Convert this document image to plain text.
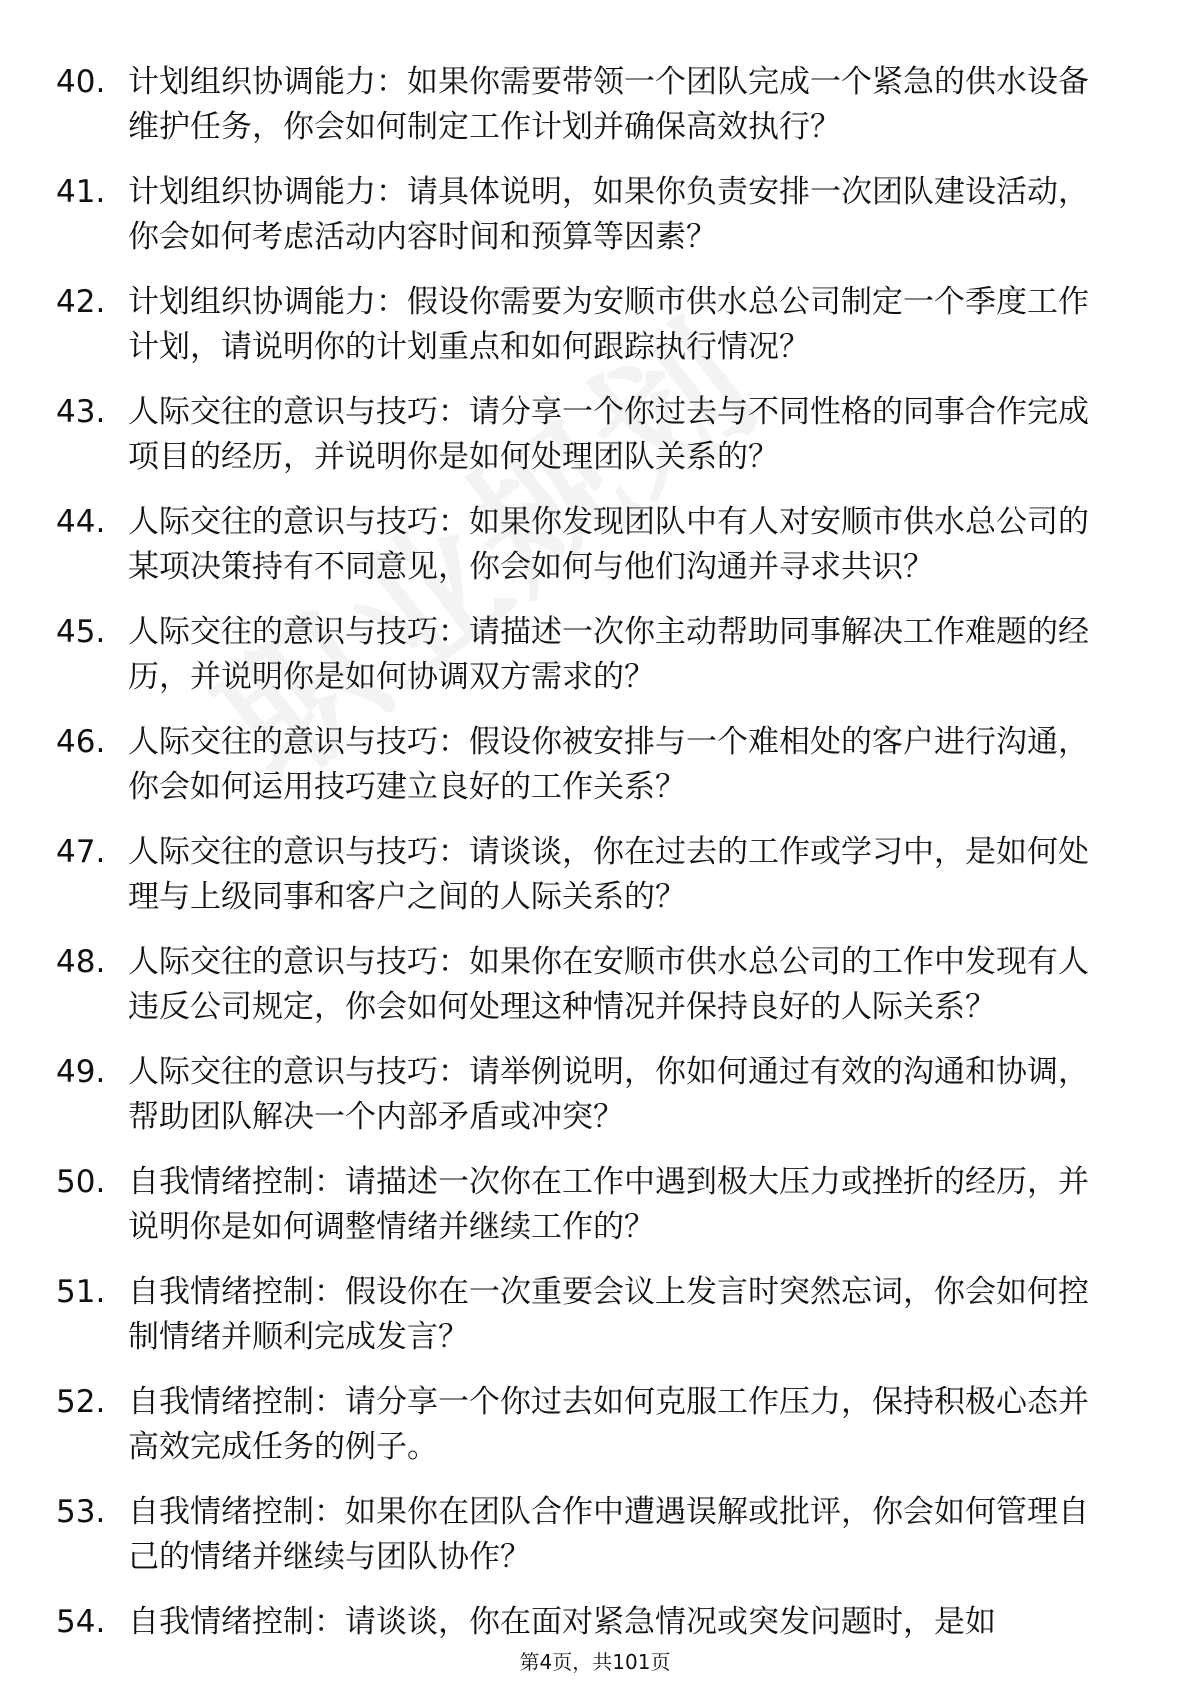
40. 计划组织协调能力：如果你需要带领一个团队完成一个紧急的供水设备维护任务，你会如何制定工作计划并确保高效执行？
41. 计划组织协调能力：请具体说明，如果你负责安排一次团队建设活动，你会如何考虑活动内容时间和预算等因素？
42. 计划组织协调能力：假设你需要为安顺市供水总公司制定一个季度工作计划，请说明你的计划重点和如何跟踪执行情况？
43. 人际交往的意识与技巧：请分享一个你过去与不同性格的同事合作完成项目的经历，并说明你是如何处理团队关系的？
44. 人际交往的意识与技巧：如果你发现团队中有人对安顺市供水总公司的某项决策持有不同意见，你会如何与他们沟通并寻求共识？
45. 人际交往的意识与技巧：请描述一次你主动帮助同事解决工作难题的经历，并说明你是如何协调双方需求的？
46. 人际交往的意识与技巧：假设你被安排与一个难相处的客户进行沟通，你会如何运用技巧建立良好的工作关系？
47. 人际交往的意识与技巧：请谈谈，你在过去的工作或学习中，是如何处理与上级同事和客户之间的人际关系的？
48. 人际交往的意识与技巧：如果你在安顺市供水总公司的工作中发现有人违反公司规定，你会如何处理这种情况并保持良好的人际关系？
49. 人际交往的意识与技巧：请举例说明，你如何通过有效的沟通和协调，帮助团队解决一个内部矛盾或冲突？
50. 自我情绪控制：请描述一次你在工作中遇到极大压力或挫折的经历，并说明你是如何调整情绪并继续工作的？
51. 自我情绪控制：假设你在一次重要会议上发言时突然忘词，你会如何控制情绪并顺利完成发言？
52. 自我情绪控制：请分享一个你过去如何克服工作压力，保持积极心态并高效完成任务的例子。
53. 自我情绪控制：如果你在团队合作中遭遇误解或批评，你会如何管理自己的情绪并继续与团队协作？
54. 自我情绪控制：请谈谈，你在面对紧急情况或突发问题时，是如
第4页，共101页
